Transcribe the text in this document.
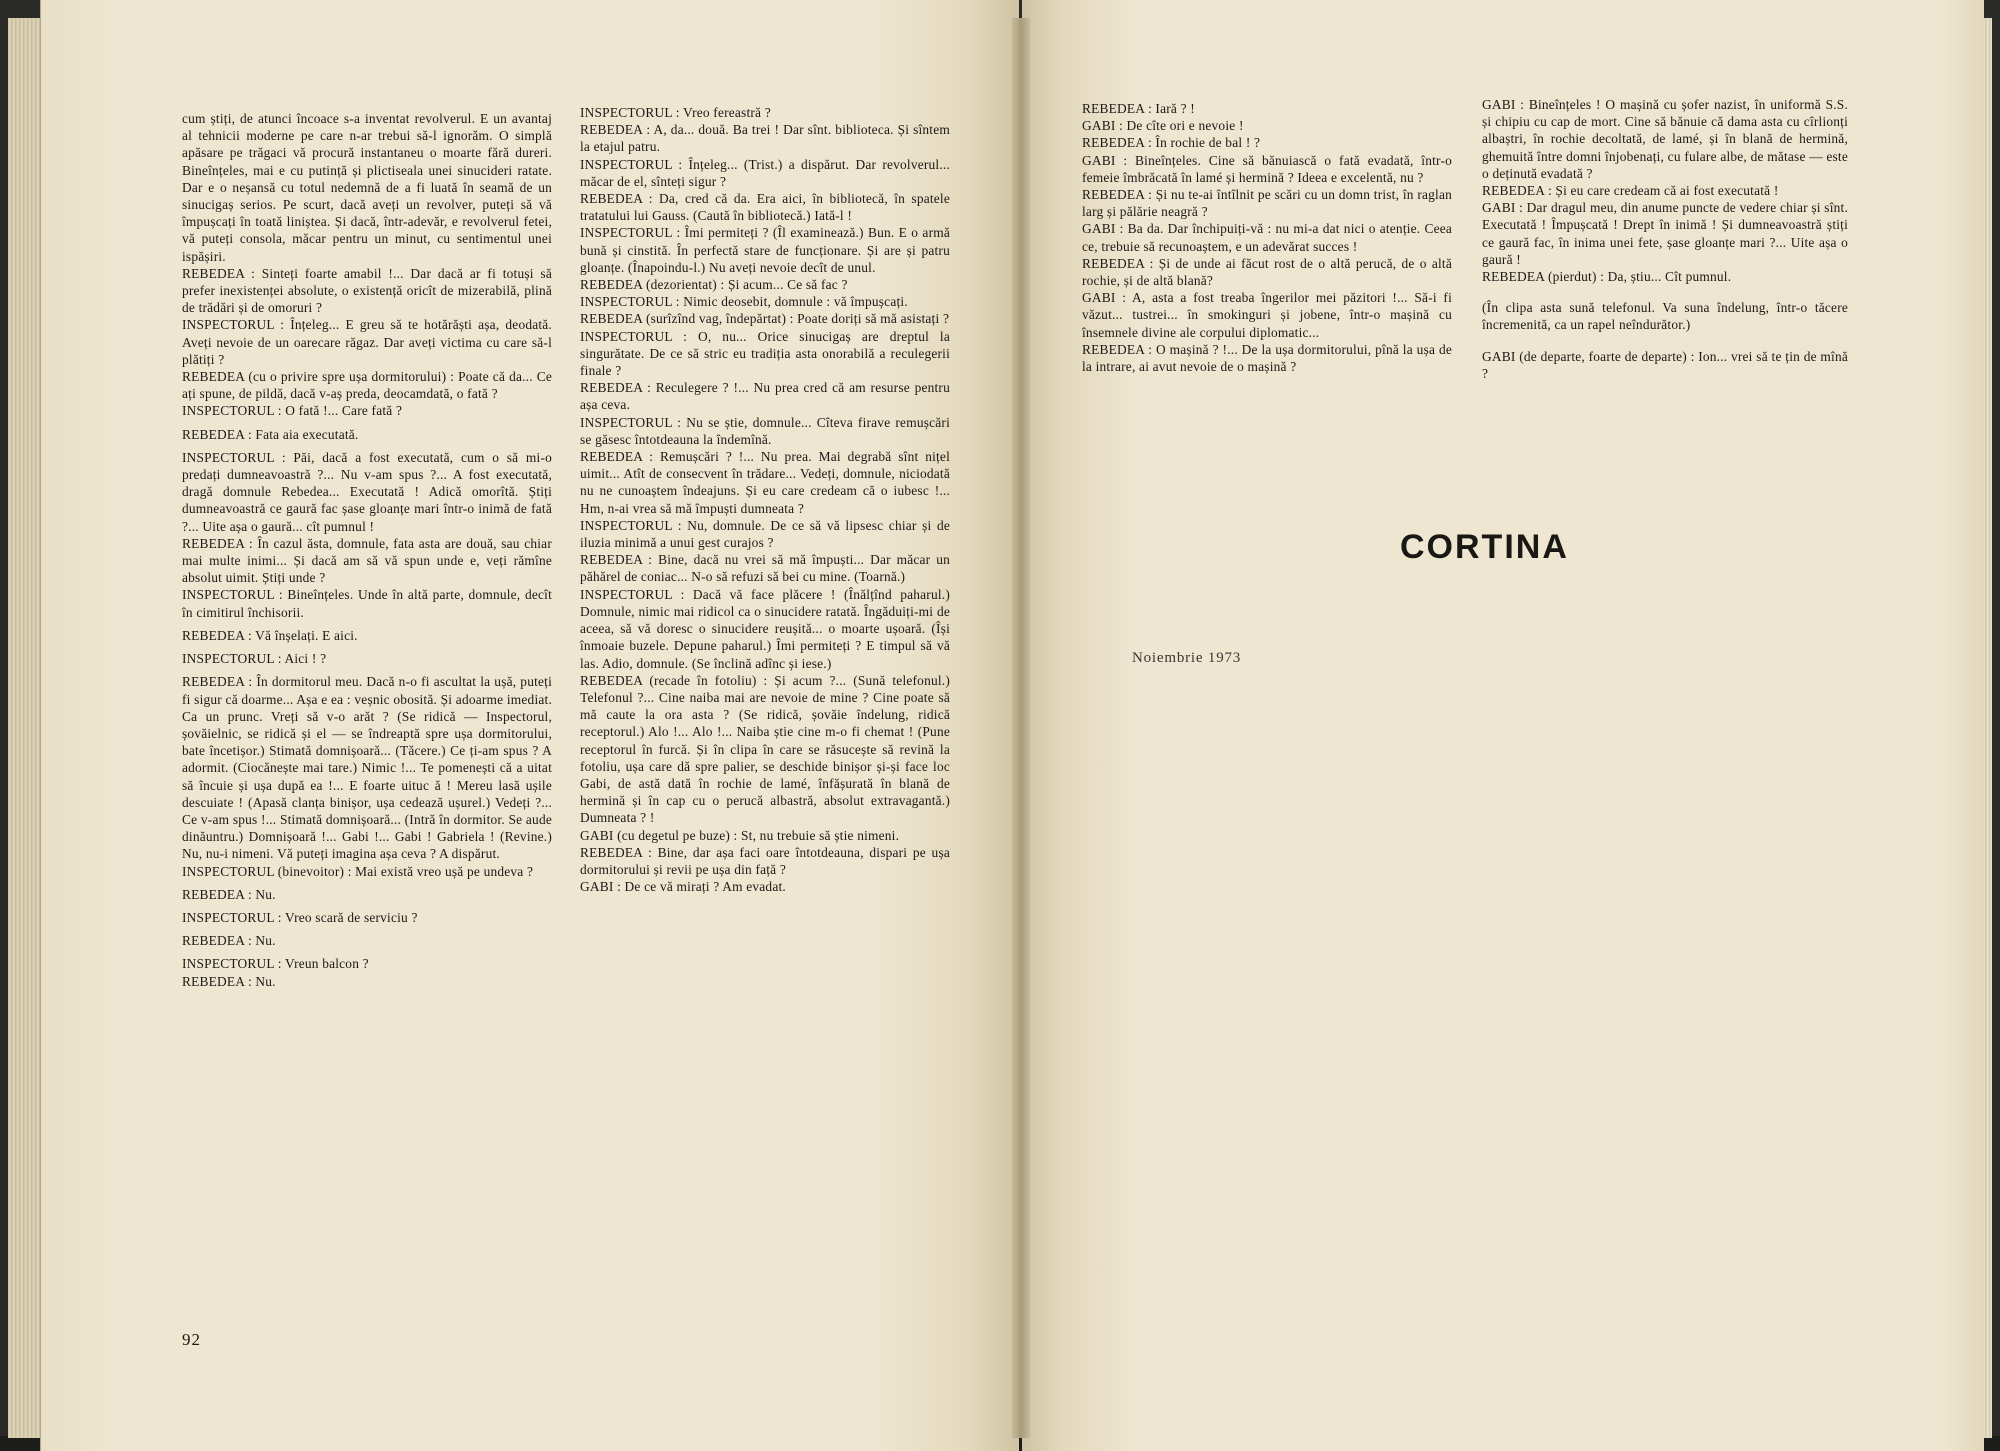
cum știți, de atunci încoace s-a inventat revolverul. E un avantaj al tehnicii moderne pe care n-ar trebui să-l ignorăm. O simplă apăsare pe trăgaci vă procură instantaneu o moarte fără dureri. Bineînțeles, mai e cu putință și plictiseala unei sinucideri ratate. Dar e o neșansă cu totul nedemnă de a fi luată în seamă de un sinucigaș serios. Pe scurt, dacă aveți un revolver, puteți să vă împușcați în toată liniștea. Și dacă, într-adevăr, e revolverul fetei, vă puteți consola, măcar pentru un minut, cu sentimentul unei ispășiri.

REBEDEA : Sinteți foarte amabil !... Dar dacă ar fi totuși să prefer inexistenței absolute, o existență oricît de mizerabilă, plină de trădări și de omoruri ?

INSPECTORUL : Înțeleg... E greu să te hotărăști așa, deodată. Aveți nevoie de un oarecare răgaz. Dar aveți victima cu care să-l plătiți ?

REBEDEA (cu o privire spre ușa dormitorului) : Poate că da... Ce ați spune, de pildă, dacă v-aș preda, deocamdată, o fată ?

INSPECTORUL : O fată !... Care fată ?

REBEDEA : Fata aia executată.

INSPECTORUL : Păi, dacă a fost executată, cum o să mi-o predați dumneavoastră ?... Nu v-am spus ?... A fost executată, dragă domnule Rebedea... Executată ! Adică omorîtă. Știți dumneavoastră ce gaură fac șase gloanțe mari într-o inimă de fată ?... Uite așa o gaură... cît pumnul !

REBEDEA : În cazul ăsta, domnule, fata asta are două, sau chiar mai multe inimi... Și dacă am să vă spun unde e, veți rămîne absolut uimit. Știți unde ?

INSPECTORUL : Bineînțeles. Unde în altă parte, domnule, decît în cimitirul închisorii.

REBEDEA : Vă înșelați. E aici.

INSPECTORUL : Aici ! ?

REBEDEA : În dormitorul meu. Dacă n-o fi ascultat la ușă, puteți fi sigur că doarme... Așa e ea : veșnic obosită. Și adoarme imediat. Ca un prunc. Vreți să v-o arăt ? (Se ridică — Inspectorul, șovăielnic, se ridică și el — se îndreaptă spre ușa dormitorului, bate încetișor.) Stimată domnișoară... (Tăcere.) Ce ți-am spus ? A adormit. (Ciocănește mai tare.) Nimic !... Te pomenești că a uitat să încuie și ușa după ea !... E foarte uituc ă ! Mereu lasă ușile descuiate ! (Apasă clanța binișor, ușa cedează ușurel.) Vedeți ?... Ce v-am spus !... Stimată domnișoară... (Intră în dormitor. Se aude dinăuntru.) Domnișoară !... Gabi !... Gabi ! Gabriela ! (Revine.) Nu, nu-i nimeni. Vă puteți imagina așa ceva ? A dispărut.

INSPECTORUL (binevoitor) : Mai există vreo ușă pe undeva ?

REBEDEA : Nu.

INSPECTORUL : Vreo scară de serviciu ?

REBEDEA : Nu.

INSPECTORUL : Vreun balcon ?

REBEDEA : Nu.

INSPECTORUL : Vreo fereastră ?

REBEDEA : A, da... două. Ba trei ! Dar sînt. biblioteca. Și sîntem la etajul patru.

INSPECTORUL : Înțeleg... (Trist.) a dispărut. Dar revolverul... măcar de el, sînteți sigur ?

REBEDEA : Da, cred că da. Era aici, în bibliotecă, în spatele tratatului lui Gauss. (Caută în bibliotecă.) Iată-l !

INSPECTORUL : Îmi permiteți ? (Îl examinează.) Bun. E o armă bună și cinstită. În perfectă stare de funcționare. Și are și patru gloanțe. (Înapoindu-l.) Nu aveți nevoie decît de unul.

REBEDEA (dezorientat) : Și acum... Ce să fac ?

INSPECTORUL : Nimic deosebit, domnule : vă împușcați.

REBEDEA (surîzînd vag, îndepărtat) : Poate doriți să mă asistați ?

INSPECTORUL : O, nu... Orice sinucigaș are dreptul la singurătate. De ce să stric eu tradiția asta onorabilă a reculegerii finale ?

REBEDEA : Reculegere ? !... Nu prea cred că am resurse pentru așa ceva.

INSPECTORUL : Nu se știe, domnule... Cîteva firave remușcări se găsesc întotdeauna la îndemînă.

REBEDEA : Remușcări ? !... Nu prea. Mai degrabă sînt nițel uimit... Atît de consecvent în trădare... Vedeți, domnule, niciodată nu ne cunoaștem îndeajuns. Și eu care credeam că o iubesc !... Hm, n-ai vrea să mă împuști dumneata ?

INSPECTORUL : Nu, domnule. De ce să vă lipsesc chiar și de iluzia minimă a unui gest curajos ?

REBEDEA : Bine, dacă nu vrei să mă împuști... Dar măcar un păhărel de coniac... N-o să refuzi să bei cu mine. (Toarnă.)

INSPECTORUL : Dacă vă face plăcere ! (Înălțînd paharul.) Domnule, nimic mai ridicol ca o sinucidere ratată. Îngăduiți-mi de aceea, să vă doresc o sinucidere reușită... o moarte ușoară. (Își înmoaie buzele. Depune paharul.) Îmi permiteți ? E timpul să vă las. Adio, domnule. (Se înclină adînc și iese.)

REBEDEA (recade în fotoliu) : Și acum ?... (Sună telefonul.) Telefonul ?... Cine naiba mai are nevoie de mine ? Cine poate să mă caute la ora asta ? (Se ridică, șovăie îndelung, ridică receptorul.) Alo !... Alo !... Naiba știe cine m-o fi chemat ! (Pune receptorul în furcă. Și în clipa în care se răsucește să revină la fotoliu, ușa care dă spre palier, se deschide binișor și-și face loc Gabi, de astă dată în rochie de lamé, înfășurată în blană de hermină și în cap cu o perucă albastră, absolut extravagantă.) Dumneata ? !

GABI (cu degetul pe buze) : St, nu trebuie să știe nimeni.

REBEDEA : Bine, dar așa faci oare întotdeauna, dispari pe ușa dormitorului și revii pe ușa din față ?

GABI : De ce vă mirați ? Am evadat.

REBEDEA : Iară ? !

GABI : De cîte ori e nevoie !

REBEDEA : În rochie de bal ! ?

GABI : Bineînțeles. Cine să bănuiască o fată evadată, într-o femeie îmbrăcată în lamé și hermină ? Ideea e excelentă, nu ?

REBEDEA : Și nu te-ai întîlnit pe scări cu un domn trist, în raglan larg și pălărie neagră ?

GABI : Ba da. Dar închipuiți-vă : nu mi-a dat nici o atenție. Ceea ce, trebuie să recunoaștem, e un adevărat succes !

REBEDEA : Și de unde ai făcut rost de o altă perucă, de o altă rochie, și de altă blană?

GABI : A, asta a fost treaba îngerilor mei păzitori !... Să-i fi văzut... tustrei... în smokinguri și jobene, într-o mașină cu însemnele divine ale corpului diplomatic...

REBEDEA : O mașină ? !... De la ușa dormitorului, pînă la ușa de la intrare, ai avut nevoie de o mașină ?

GABI : Bineînțeles ! O mașină cu șofer nazist, în uniformă S.S. și chipiu cu cap de mort. Cine să bănuie că dama asta cu cîrlionți albaștri, în rochie decoltată, de lamé, și în blană de hermină, ghemuită între domni înjobenați, cu fulare albe, de mătase — este o deținută evadată ?

REBEDEA : Și eu care credeam că ai fost executată !

GABI : Dar dragul meu, din anume puncte de vedere chiar și sînt. Executată ! Împușcată ! Drept în inimă ! Și dumneavoastră știți ce gaură fac, în inima unei fete, șase gloanțe mari ?... Uite așa o gaură !

REBEDEA (pierdut) : Da, știu... Cît pumnul.

(În clipa asta sună telefonul. Va suna îndelung, într-o tăcere încremenită, ca un rapel neîndurător.)

GABI (de departe, foarte de departe) : Ion... vrei să te țin de mînă ?

CORTINA
Noiembrie 1973
92
